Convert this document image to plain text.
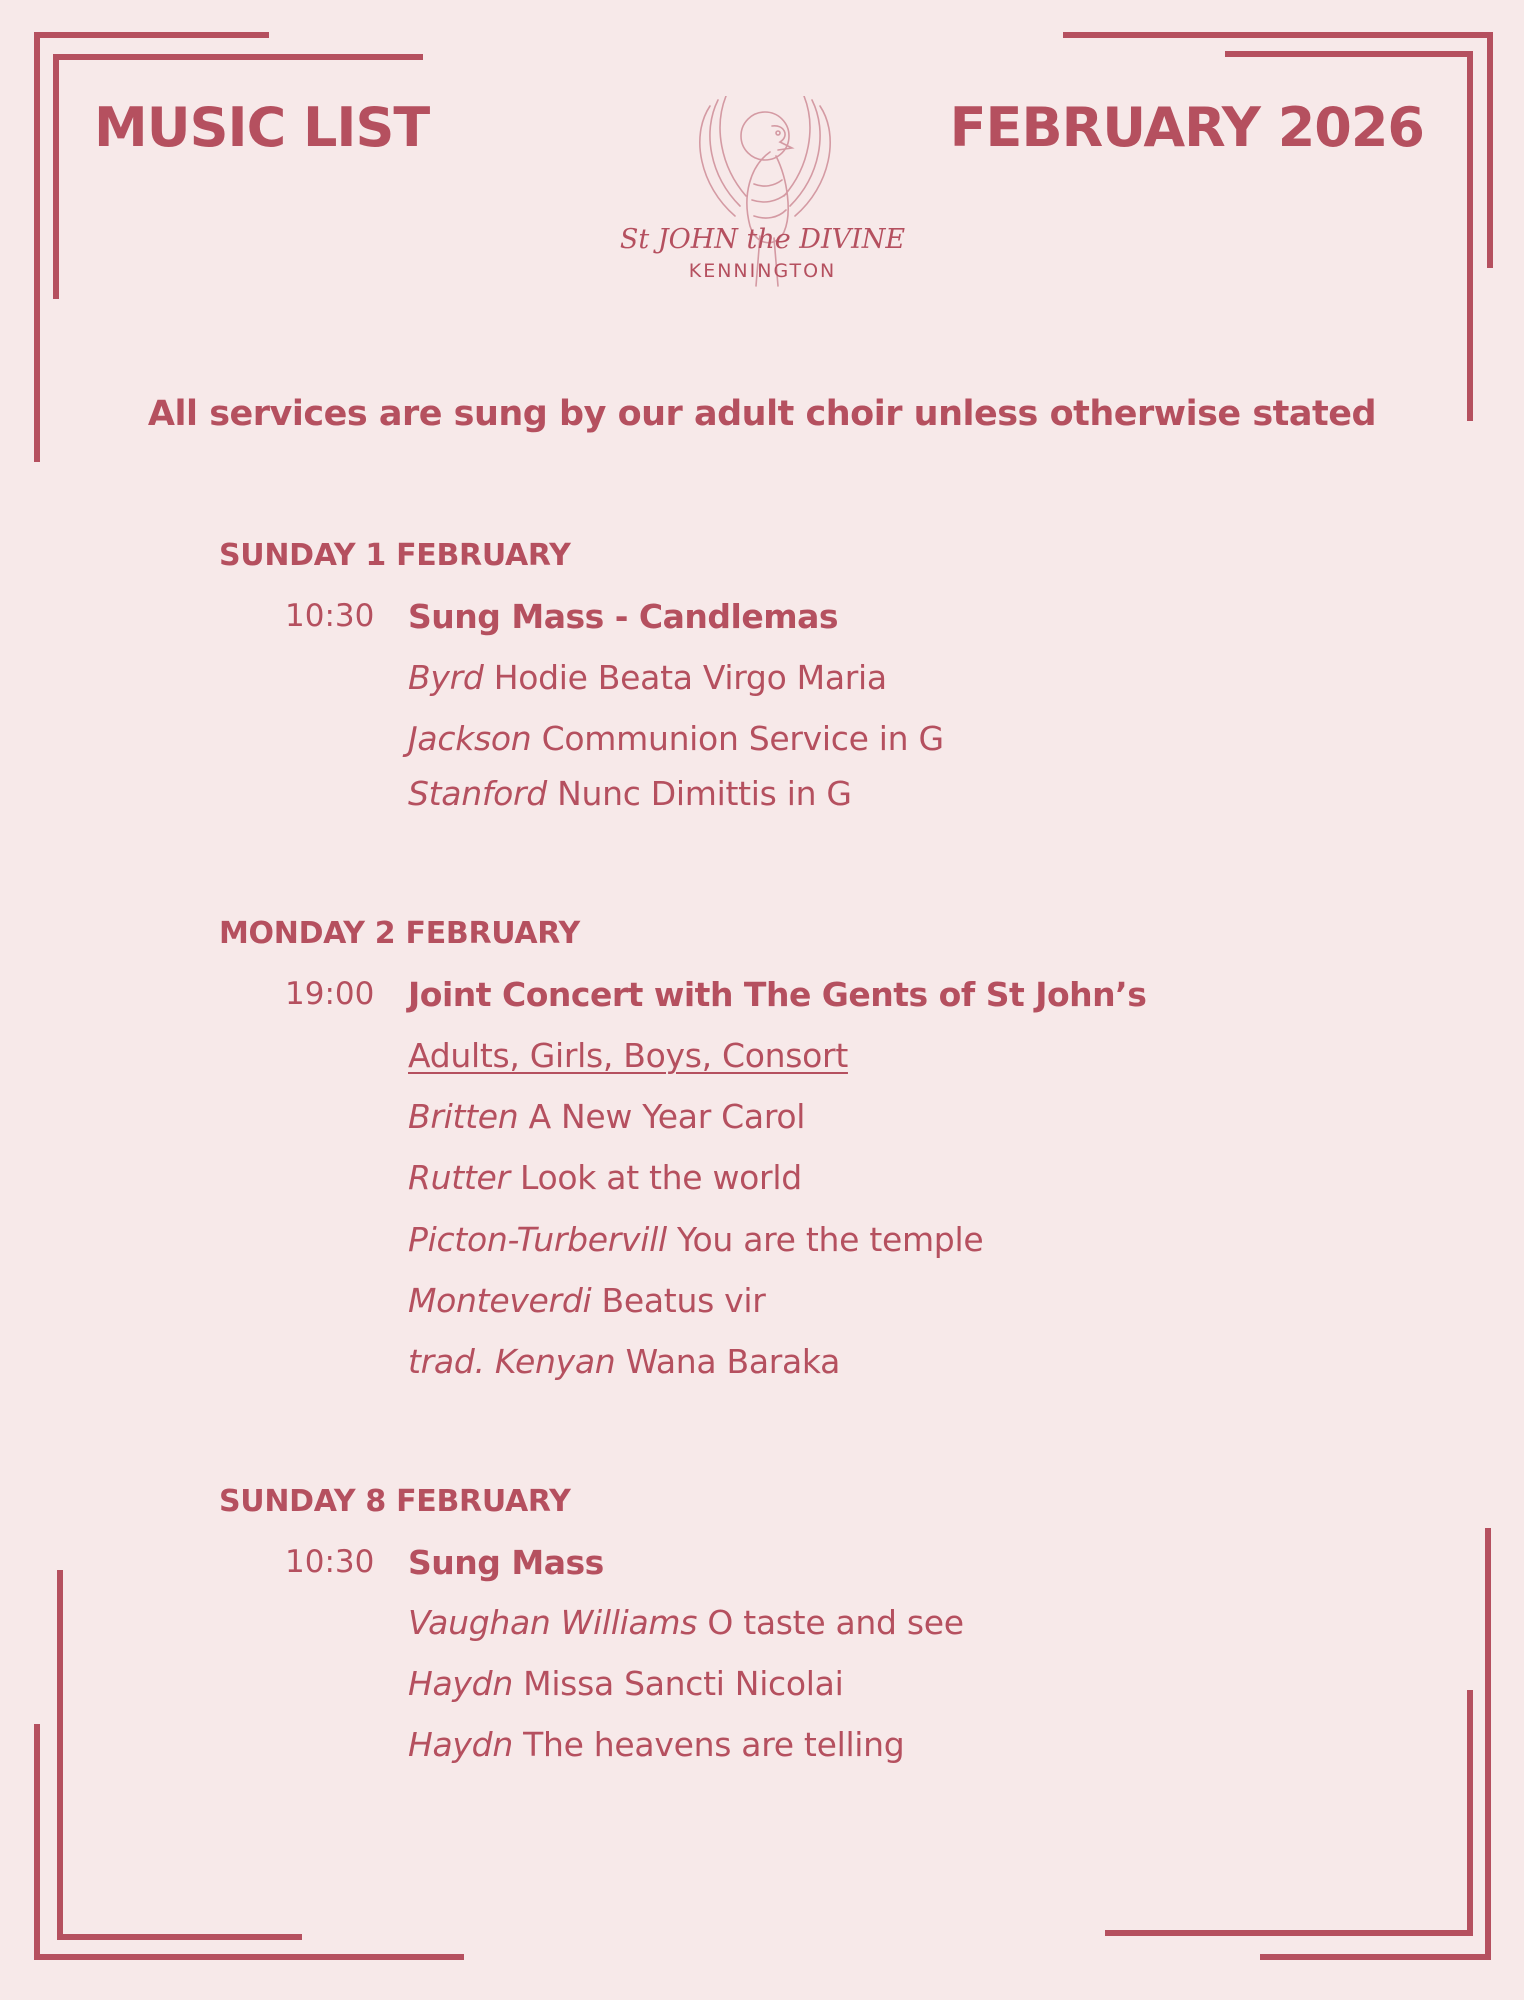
MUSIC LIST	FEBRUARY 2026
St JOHN the DIVINE
KENNINGTON

All services are sung by our adult choir unless otherwise stated

SUNDAY 1 FEBRUARY
10:30 Sung Mass - Candlemas
Byrd Hodie Beata Virgo Maria
Jackson Communion Service in G
Stanford Nunc Dimittis in G
MONDAY 2 FEBRUARY
19:00 Joint Concert with The Gents of St John’s
Adults, Girls, Boys, Consort
Britten A New Year Carol
Rutter Look at the world
Picton-Turbervill You are the temple
Monteverdi Beatus vir
trad. Kenyan Wana Baraka
SUNDAY 8 FEBRUARY
10:30 Sung Mass
Vaughan Williams O taste and see
Haydn Missa Sancti Nicolai
Haydn The heavens are telling
